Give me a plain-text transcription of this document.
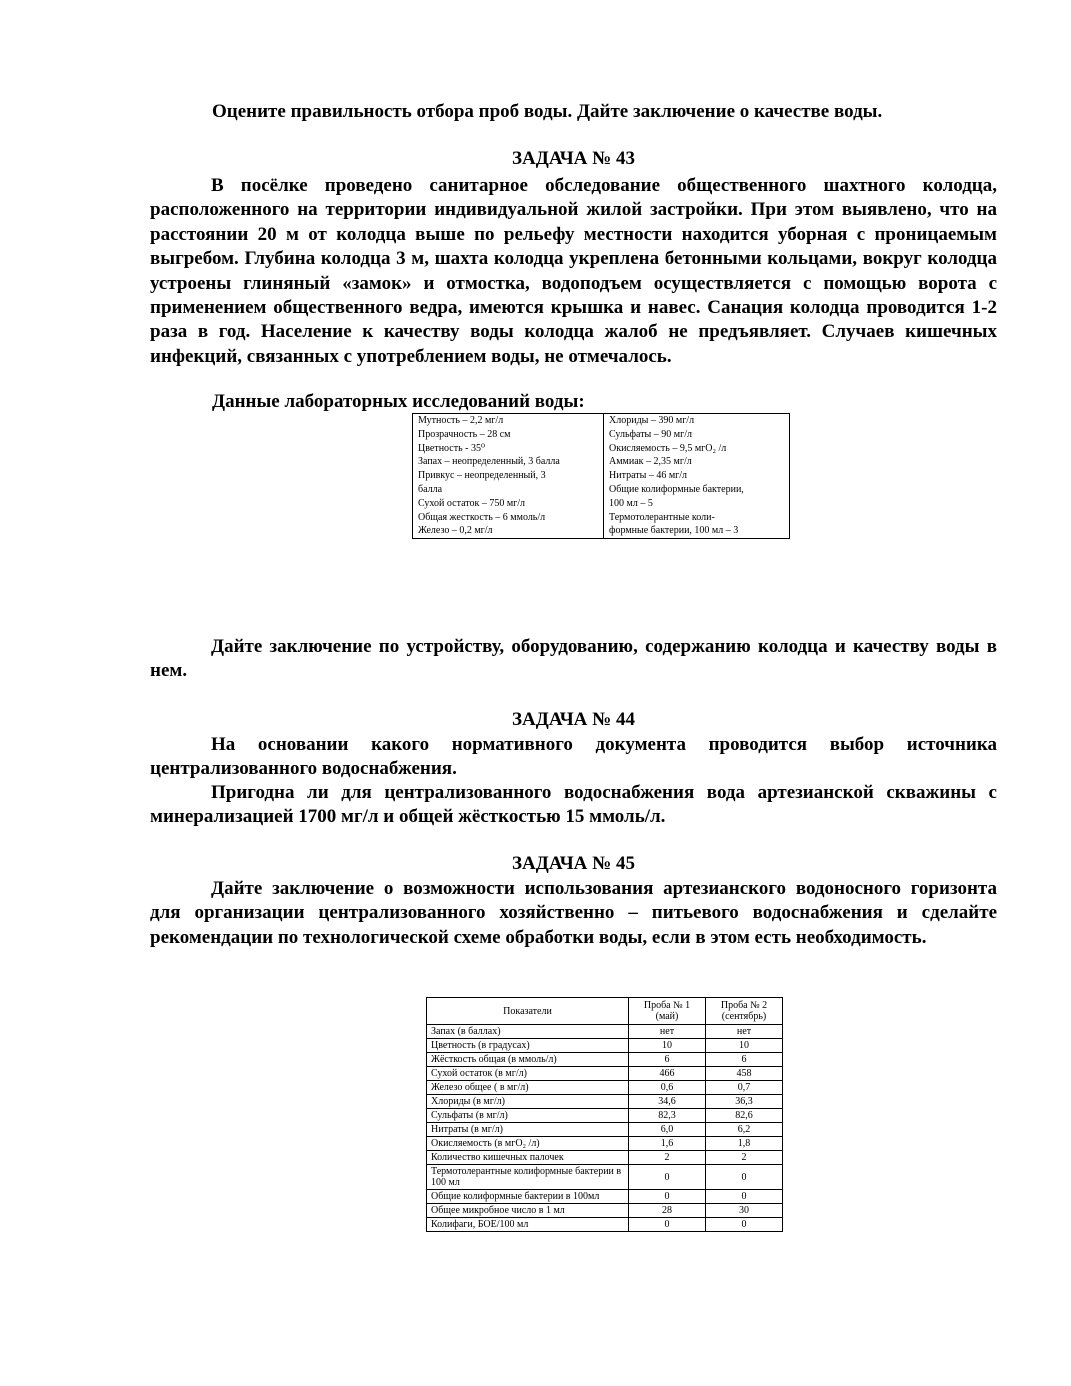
Оцените правильность отбора проб воды. Дайте заключение о качестве воды.
ЗАДАЧА № 43
В посёлке проведено санитарное обследование общественного шахтного колодца, расположенного на территории индивидуальной жилой застройки. При этом выявлено, что на расстоянии 20 м от колодца выше по рельефу местности находится уборная с проницаемым выгребом. Глубина колодца 3 м, шахта колодца укреплена бетонными кольцами, вокруг колодца устроены глиняный «замок» и отмостка, водоподъем осуществляется с помощью ворота с применением общественного ведра, имеются крышка и навес. Санация колодца проводится 1-2 раза в год. Население к качеству воды колодца жалоб не предъявляет. Случаев кишечных инфекций, связанных с употреблением воды, не отмечалось.
Данные лабораторных исследований воды:
Мутность – 2,2 мг/л
Прозрачность – 28 см
Цветность - 35⁰
Запах – неопределенный, 3 балла
Привкус – неопределенный, 3
балла
Сухой остаток – 750 мг/л
Общая жесткость – 6 ммоль/л
Железо – 0,2 мг/л

Хлориды – 390 мг/л
Сульфаты – 90 мг/л
Окисляемость – 9,5 мгO₂ /л
Аммиак – 2,35 мг/л
Нитраты – 46 мг/л
Общие колиформные бактерии,
100 мл – 5
Термотолерантные коли-
формные бактерии, 100 мл – 3
Дайте заключение по устройству, оборудованию, содержанию колодца и качеству воды в нем.
ЗАДАЧА № 44
На основании какого нормативного документа проводится выбор источника централизованного водоснабжения.
Пригодна ли для централизованного водоснабжения вода артезианской скважины с минерализацией 1700 мг/л и общей жёсткостью 15 ммоль/л.
ЗАДАЧА № 45
Дайте заключение о возможности использования артезианского водоносного горизонта для организации централизованного хозяйственно – питьевого водоснабжения и сделайте рекомендации по технологической схеме обработки воды, если в этом есть необходимость.
Показатели	Проба № 1 (май)	Проба № 2 (сентябрь)
Запах (в баллах)	нет	нет
Цветность (в градусах)	10	10
Жёсткость общая (в ммоль/л)	6	6
Сухой остаток (в мг/л)	466	458
Железо общее ( в мг/л)	0,6	0,7
Хлориды (в мг/л)	34,6	36,3
Сульфаты (в мг/л)	82,3	82,6
Нитраты (в мг/л)	6,0	6,2
Окисляемость (в мгO₂ /л)	1,6	1,8
Количество кишечных палочек	2	2
Термотолерантные колиформные бактерии в 100 мл	0	0
Общие колиформные бактерии в 100мл	0	0
Общее микробное число в 1 мл	28	30
Колифаги, БОЕ/100 мл	0	0
